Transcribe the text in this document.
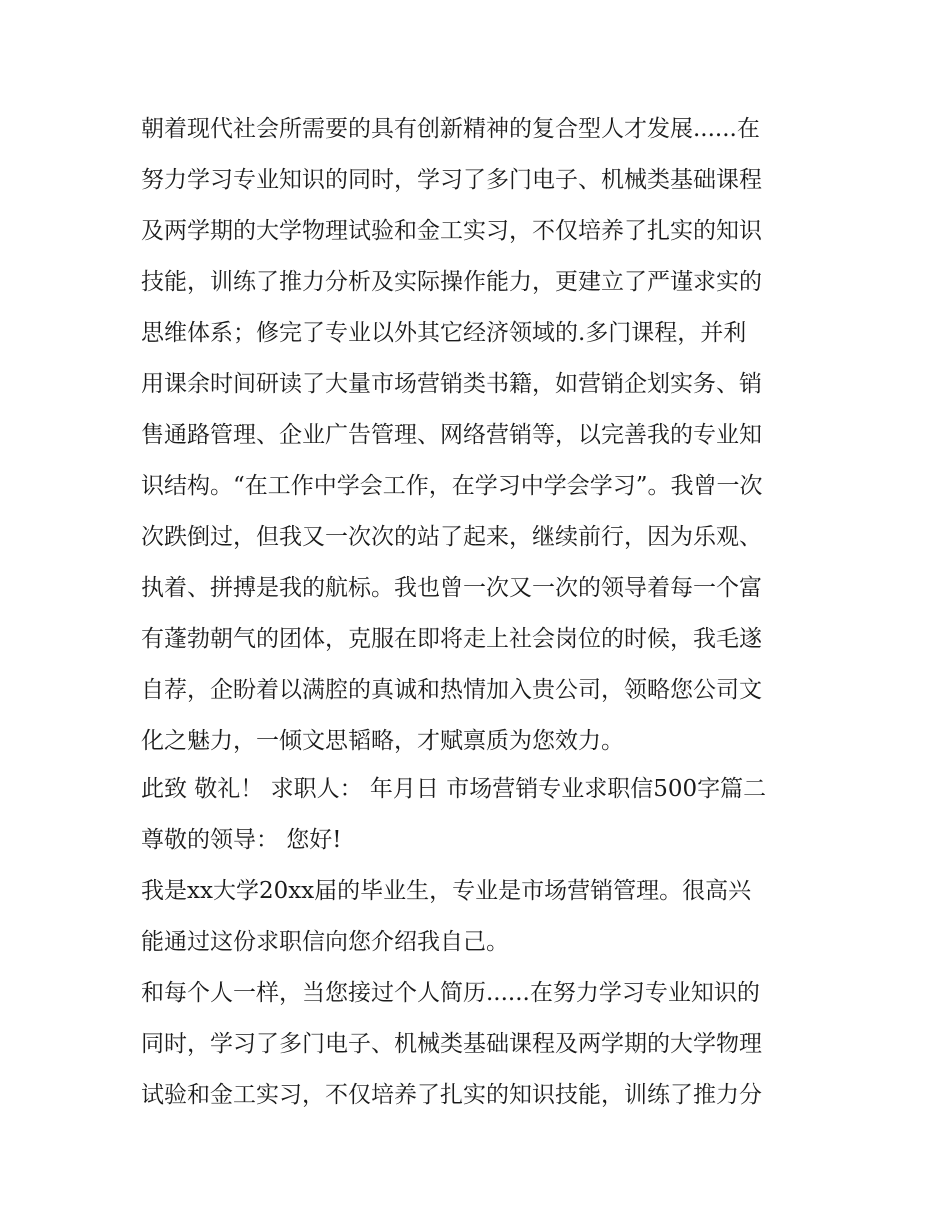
朝着现代社会所需要的具有创新精神的复合型人才发展......在
努力学习专业知识的同时，学习了多门电子、机械类基础课程
及两学期的大学物理试验和金工实习，不仅培养了扎实的知识
技能，训练了推力分析及实际操作能力，更建立了严谨求实的
思维体系；修完了专业以外其它经济领域的.多门课程，并利
用课余时间研读了大量市场营销类书籍，如营销企划实务、销
售通路管理、企业广告管理、网络营销等，以完善我的专业知
识结构。“在工作中学会工作，在学习中学会学习”。我曾一次
次跌倒过，但我又一次次的站了起来，继续前行，因为乐观、
执着、拼搏是我的航标。我也曾一次又一次的领导着每一个富
有蓬勃朝气的团体，克服在即将走上社会岗位的时候，我毛遂
自荐，企盼着以满腔的真诚和热情加入贵公司，领略您公司文
化之魅力，一倾文思韬略，才赋禀质为您效力。
此致 敬礼！ 求职人： 年月日 市场营销专业求职信500字篇二
尊敬的领导： 您好!
我是xx大学20xx届的毕业生，专业是市场营销管理。很高兴
能通过这份求职信向您介绍我自己。
和每个人一样，当您接过个人简历......在努力学习专业知识的
同时，学习了多门电子、机械类基础课程及两学期的大学物理
试验和金工实习，不仅培养了扎实的知识技能，训练了推力分
